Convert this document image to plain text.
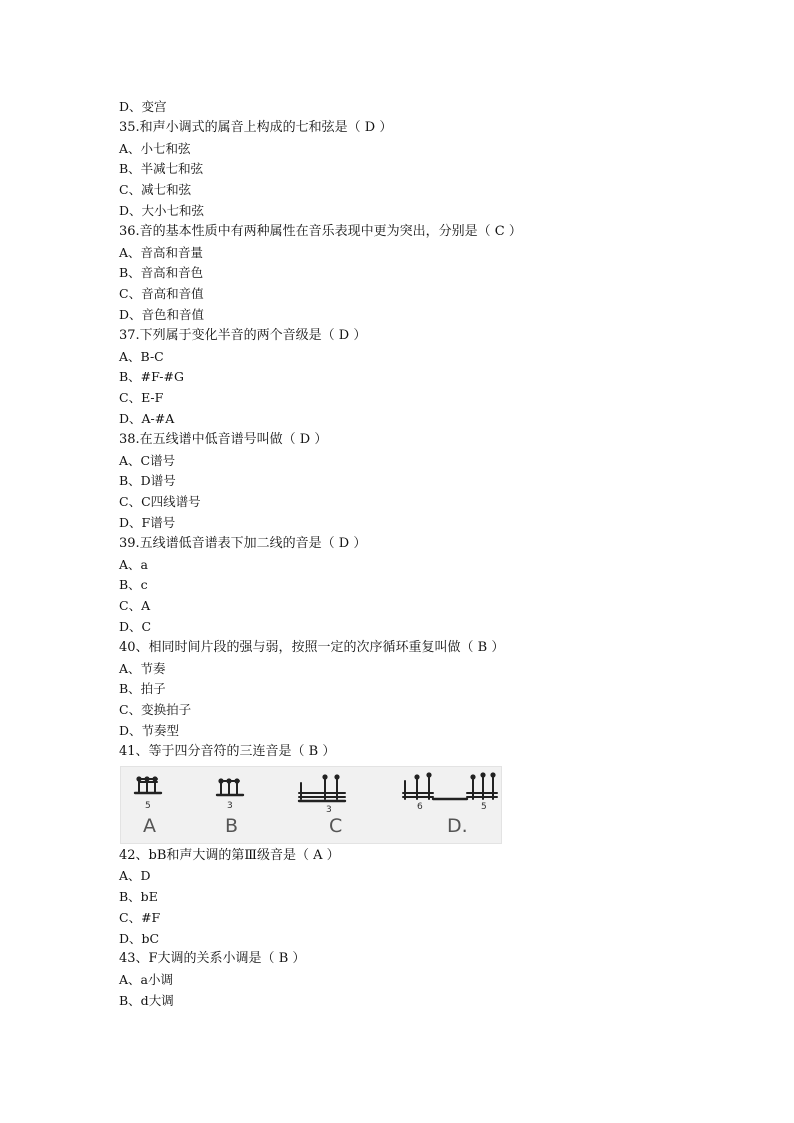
D、变宫
35.和声小调式的属音上构成的七和弦是（ D ）
A、小七和弦
B、半减七和弦
C、减七和弦
D、大小七和弦
36.音的基本性质中有两种属性在音乐表现中更为突出，分别是（ C ）
A、音高和音量
B、音高和音色
C、音高和音值
D、音色和音值
37.下列属于变化半音的两个音级是（ D ）
A、B-C
B、#F-#G
C、E-F
D、A-#A
38.在五线谱中低音谱号叫做（ D ）
A、C谱号
B、D谱号
C、C四线谱号
D、F谱号
39.五线谱低音谱表下加二线的音是（ D ）
A、a
B、c
C、A
D、C
40、相同时间片段的强与弱，按照一定的次序循环重复叫做（ B ）
A、节奏
B、拍子
C、变换拍子
D、节奏型
41、等于四分音符的三连音是（ B ）
5	3	3	6	5
A	B	C	D.
42、bB和声大调的第Ⅲ级音是（ A ）
A、D
B、bE
C、#F
D、bC
43、F大调的关系小调是（ B ）
A、a小调
B、d大调
